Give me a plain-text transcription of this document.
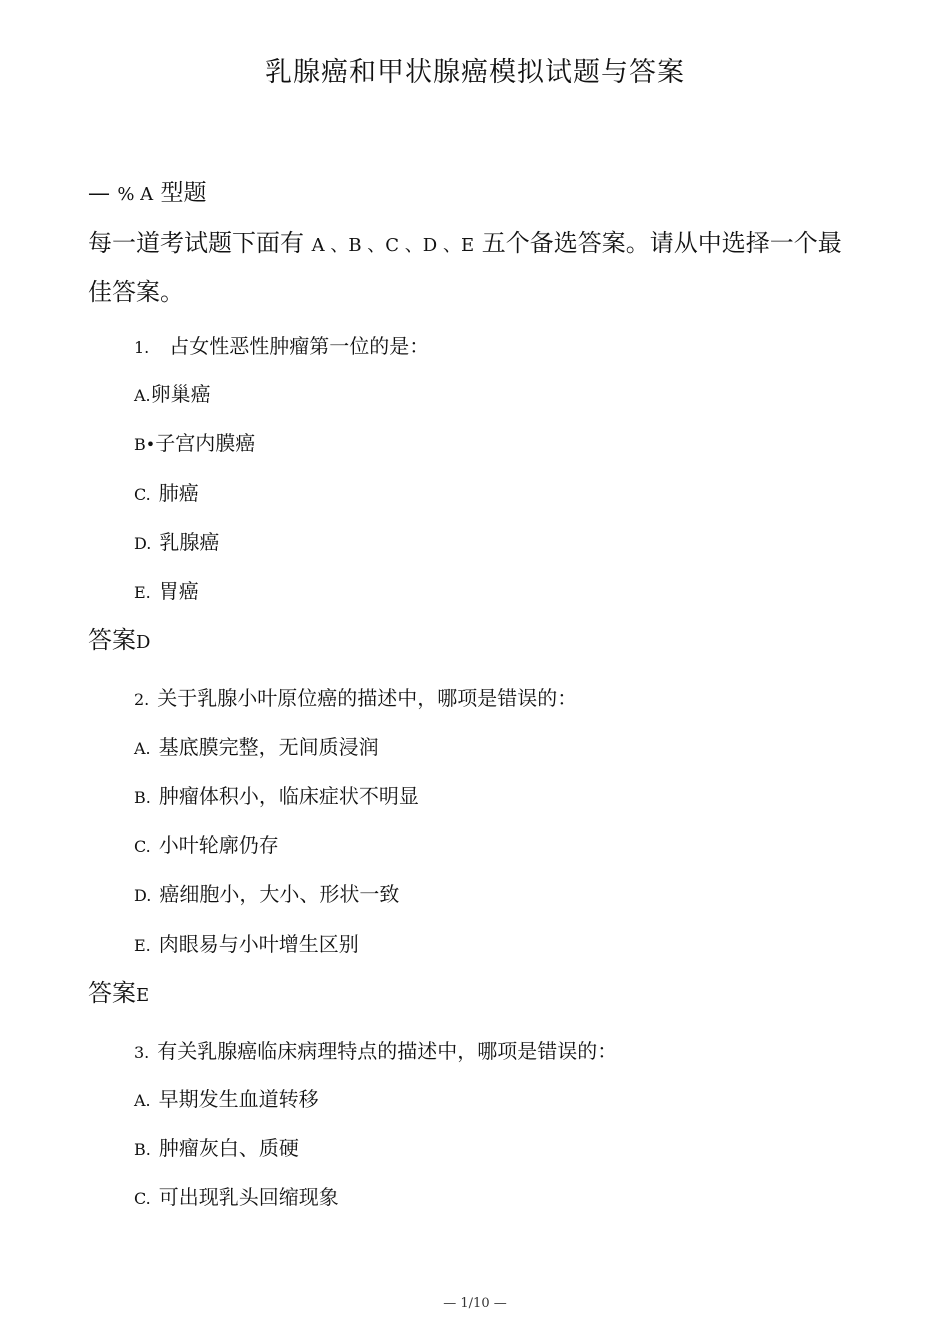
乳腺癌和甲状腺癌模拟试题与答案
— % A 型题
每一道考试题下面有 A 、B 、C 、D 、E 五个备选答案。请从中选择一个最佳答案。
1. 占女性恶性肿瘤第一位的是：
A.卵巢癌
B•子宫内膜癌
C. 肺癌
D. 乳腺癌
E. 胃癌
答案D
2. 关于乳腺小叶原位癌的描述中，哪项是错误的：
A. 基底膜完整，无间质浸润
B. 肿瘤体积小，临床症状不明显
C. 小叶轮廓仍存
D. 癌细胞小，大小、形状一致
E. 肉眼易与小叶增生区别
答案E
3. 有关乳腺癌临床病理特点的描述中，哪项是错误的：
A. 早期发生血道转移
B. 肿瘤灰白、质硬
C. 可出现乳头回缩现象
— 1/10 —
